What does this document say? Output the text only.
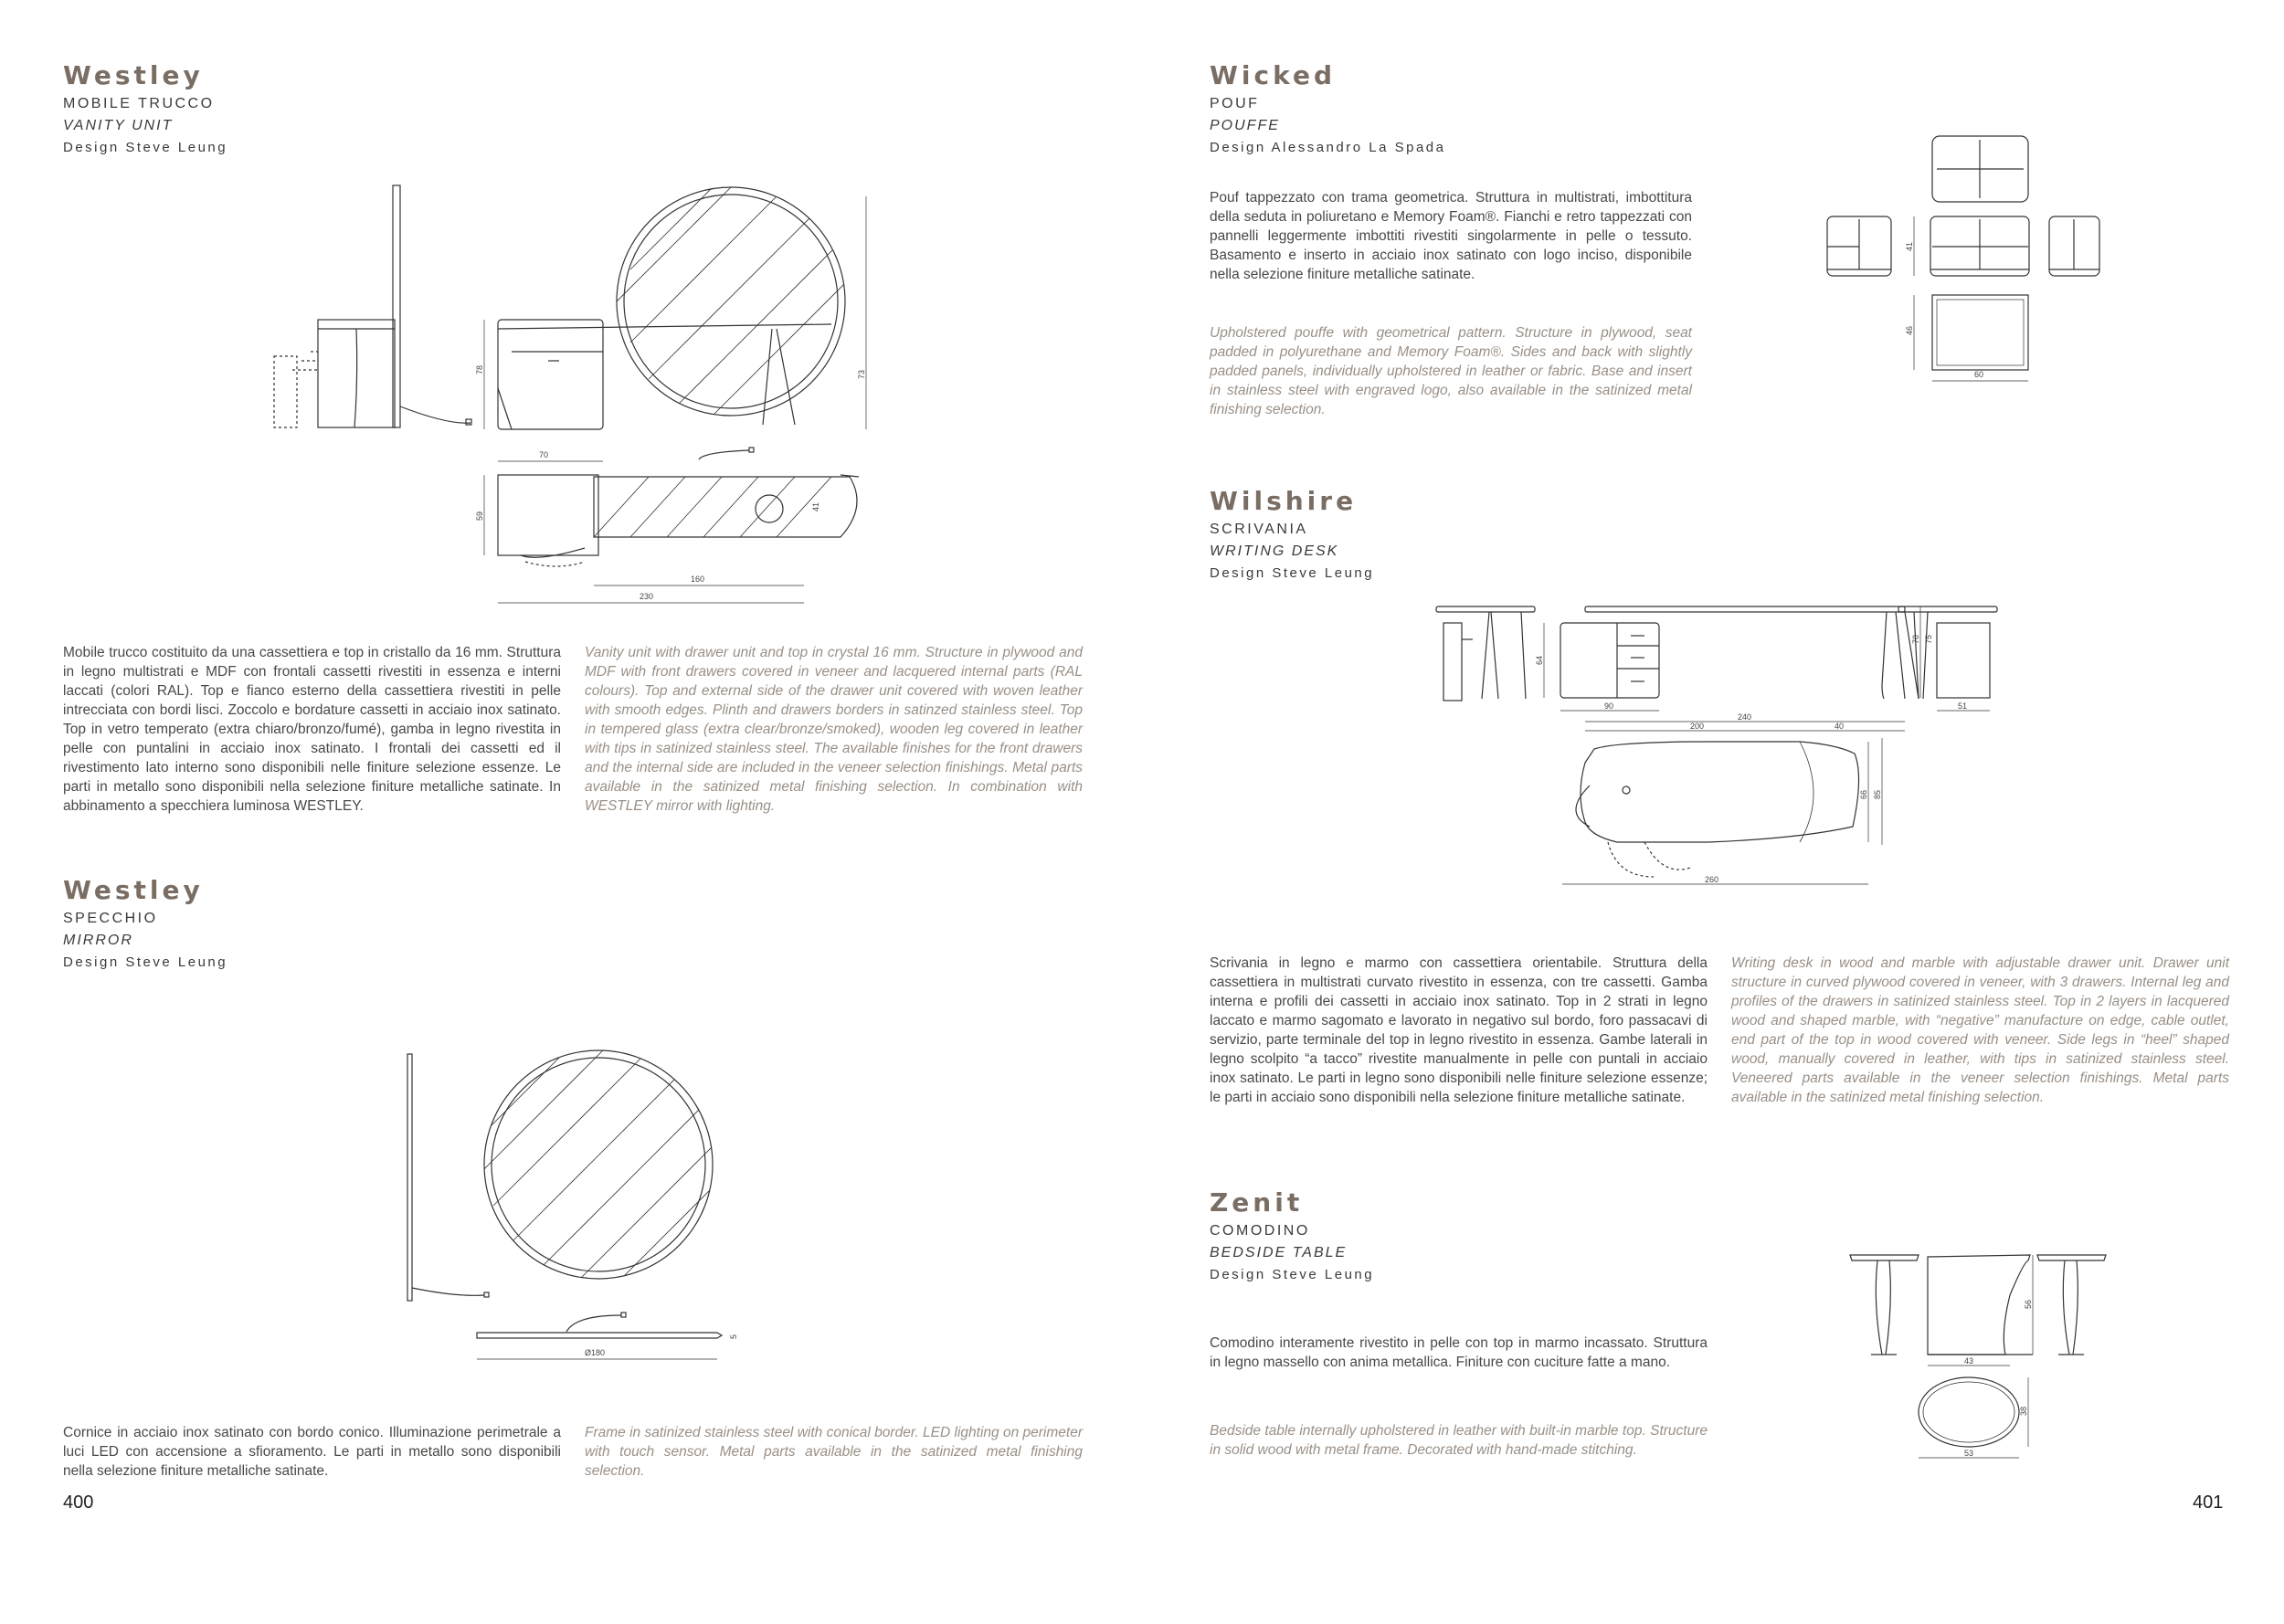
Westley
MOBILE TRUCCO
VANITY UNIT
Design Steve Leung
78	73
70
59
41
160
230
Mobile trucco costituito da una cassettiera e top in cristallo da 16 mm. Struttura in legno multistrati e MDF con frontali cassetti rivestiti in essenza e interni laccati (colori RAL). Top e fianco esterno della cassettiera rivestiti in pelle intrecciata con bordi lisci. Zoccolo e bordature cassetti in acciaio inox satinato. Top in vetro temperato (extra chiaro/bronzo/fumé), gamba in legno rivestita in pelle con puntalini in acciaio inox satinato. I frontali dei cassetti ed il rivestimento lato interno sono disponibili nelle finiture selezione essenze. Le parti in metallo sono disponibili nella selezione finiture metalliche satinate. In abbinamento a specchiera luminosa WESTLEY.
Vanity unit with drawer unit and top in crystal 16 mm. Structure in plywood and MDF with front drawers covered in veneer and lacquered internal parts (RAL colours). Top and external side of the drawer unit covered with woven leather with smooth edges. Plinth and drawers borders in satinzed stainless steel. Top in tempered glass (extra clear/bronze/smoked), wooden leg covered in leather with tips in satinized stainless steel. The available finishes for the front drawers and the internal side are included in the veneer selection finishings. Metal parts available in the satinized metal finishing selection. In combination with WESTLEY mirror with lighting.
Westley
SPECCHIO
MIRROR
Design Steve Leung
Ø180
5
Cornice in acciaio inox satinato con bordo conico. Illuminazione perimetrale a luci LED con accensione a sfioramento. Le parti in metallo sono disponibili nella selezione finiture metalliche satinate.
Frame in satinized stainless steel with conical border. LED lighting on perimeter with touch sensor. Metal parts available in the satinized metal finishing selection.
400
Wicked
POUF
POUFFE
Design Alessandro La Spada
Pouf tappezzato con trama geometrica. Struttura in multistrati, imbottitura della seduta in poliuretano e Memory Foam®. Fianchi e retro tappezzati con pannelli leggermente imbottiti rivestiti singolarmente in pelle o tessuto. Basamento e inserto in acciaio inox satinato con logo inciso, disponibile nella selezione finiture metalliche satinate.
Upholstered pouffe with geometrical pattern. Structure in plywood, seat padded in polyurethane and Memory Foam®. Sides and back with slightly padded panels, individually upholstered in leather or fabric. Base and insert in stainless steel with engraved logo, also available in the satinized metal finishing selection.
41
46
60
Wilshire
SCRIVANIA
WRITING DESK
Design Steve Leung
64
70 75
90
240
200	40
51
66 85
260
Scrivania in legno e marmo con cassettiera orientabile. Struttura della cassettiera in multistrati curvato rivestito in essenza, con tre cassetti. Gamba interna e profili dei cassetti in acciaio inox satinato. Top in 2 strati in legno laccato e marmo sagomato e lavorato in negativo sul bordo, foro passacavi di servizio, parte terminale del top in legno rivestito in essenza. Gambe laterali in legno scolpito “a tacco” rivestite manualmente in pelle con puntali in acciaio inox satinato. Le parti in legno sono disponibili nelle finiture selezione essenze; le parti in acciaio sono disponibili nella selezione finiture metalliche satinate.
Writing desk in wood and marble with adjustable drawer unit. Drawer unit structure in curved plywood covered in veneer, with 3 drawers. Internal leg and profiles of the drawers in satinized stainless steel. Top in 2 layers in lacquered wood and shaped marble, with “negative” manufacture on edge, cable outlet, end part of the top in wood covered with veneer. Side legs in “heel” shaped wood, manually covered in leather, with tips in satinized stainless steel. Veneered parts available in the veneer selection finishings. Metal parts available in the satinized metal finishing selection.
Zenit
COMODINO
BEDSIDE TABLE
Design Steve Leung
Comodino interamente rivestito in pelle con top in marmo incassato. Struttura in legno massello con anima metallica. Finiture con cuciture fatte a mano.
Bedside table internally upholstered in leather with built-in marble top. Structure in solid wood with metal frame. Decorated with hand-made stitching.
56
43
38
53
401
